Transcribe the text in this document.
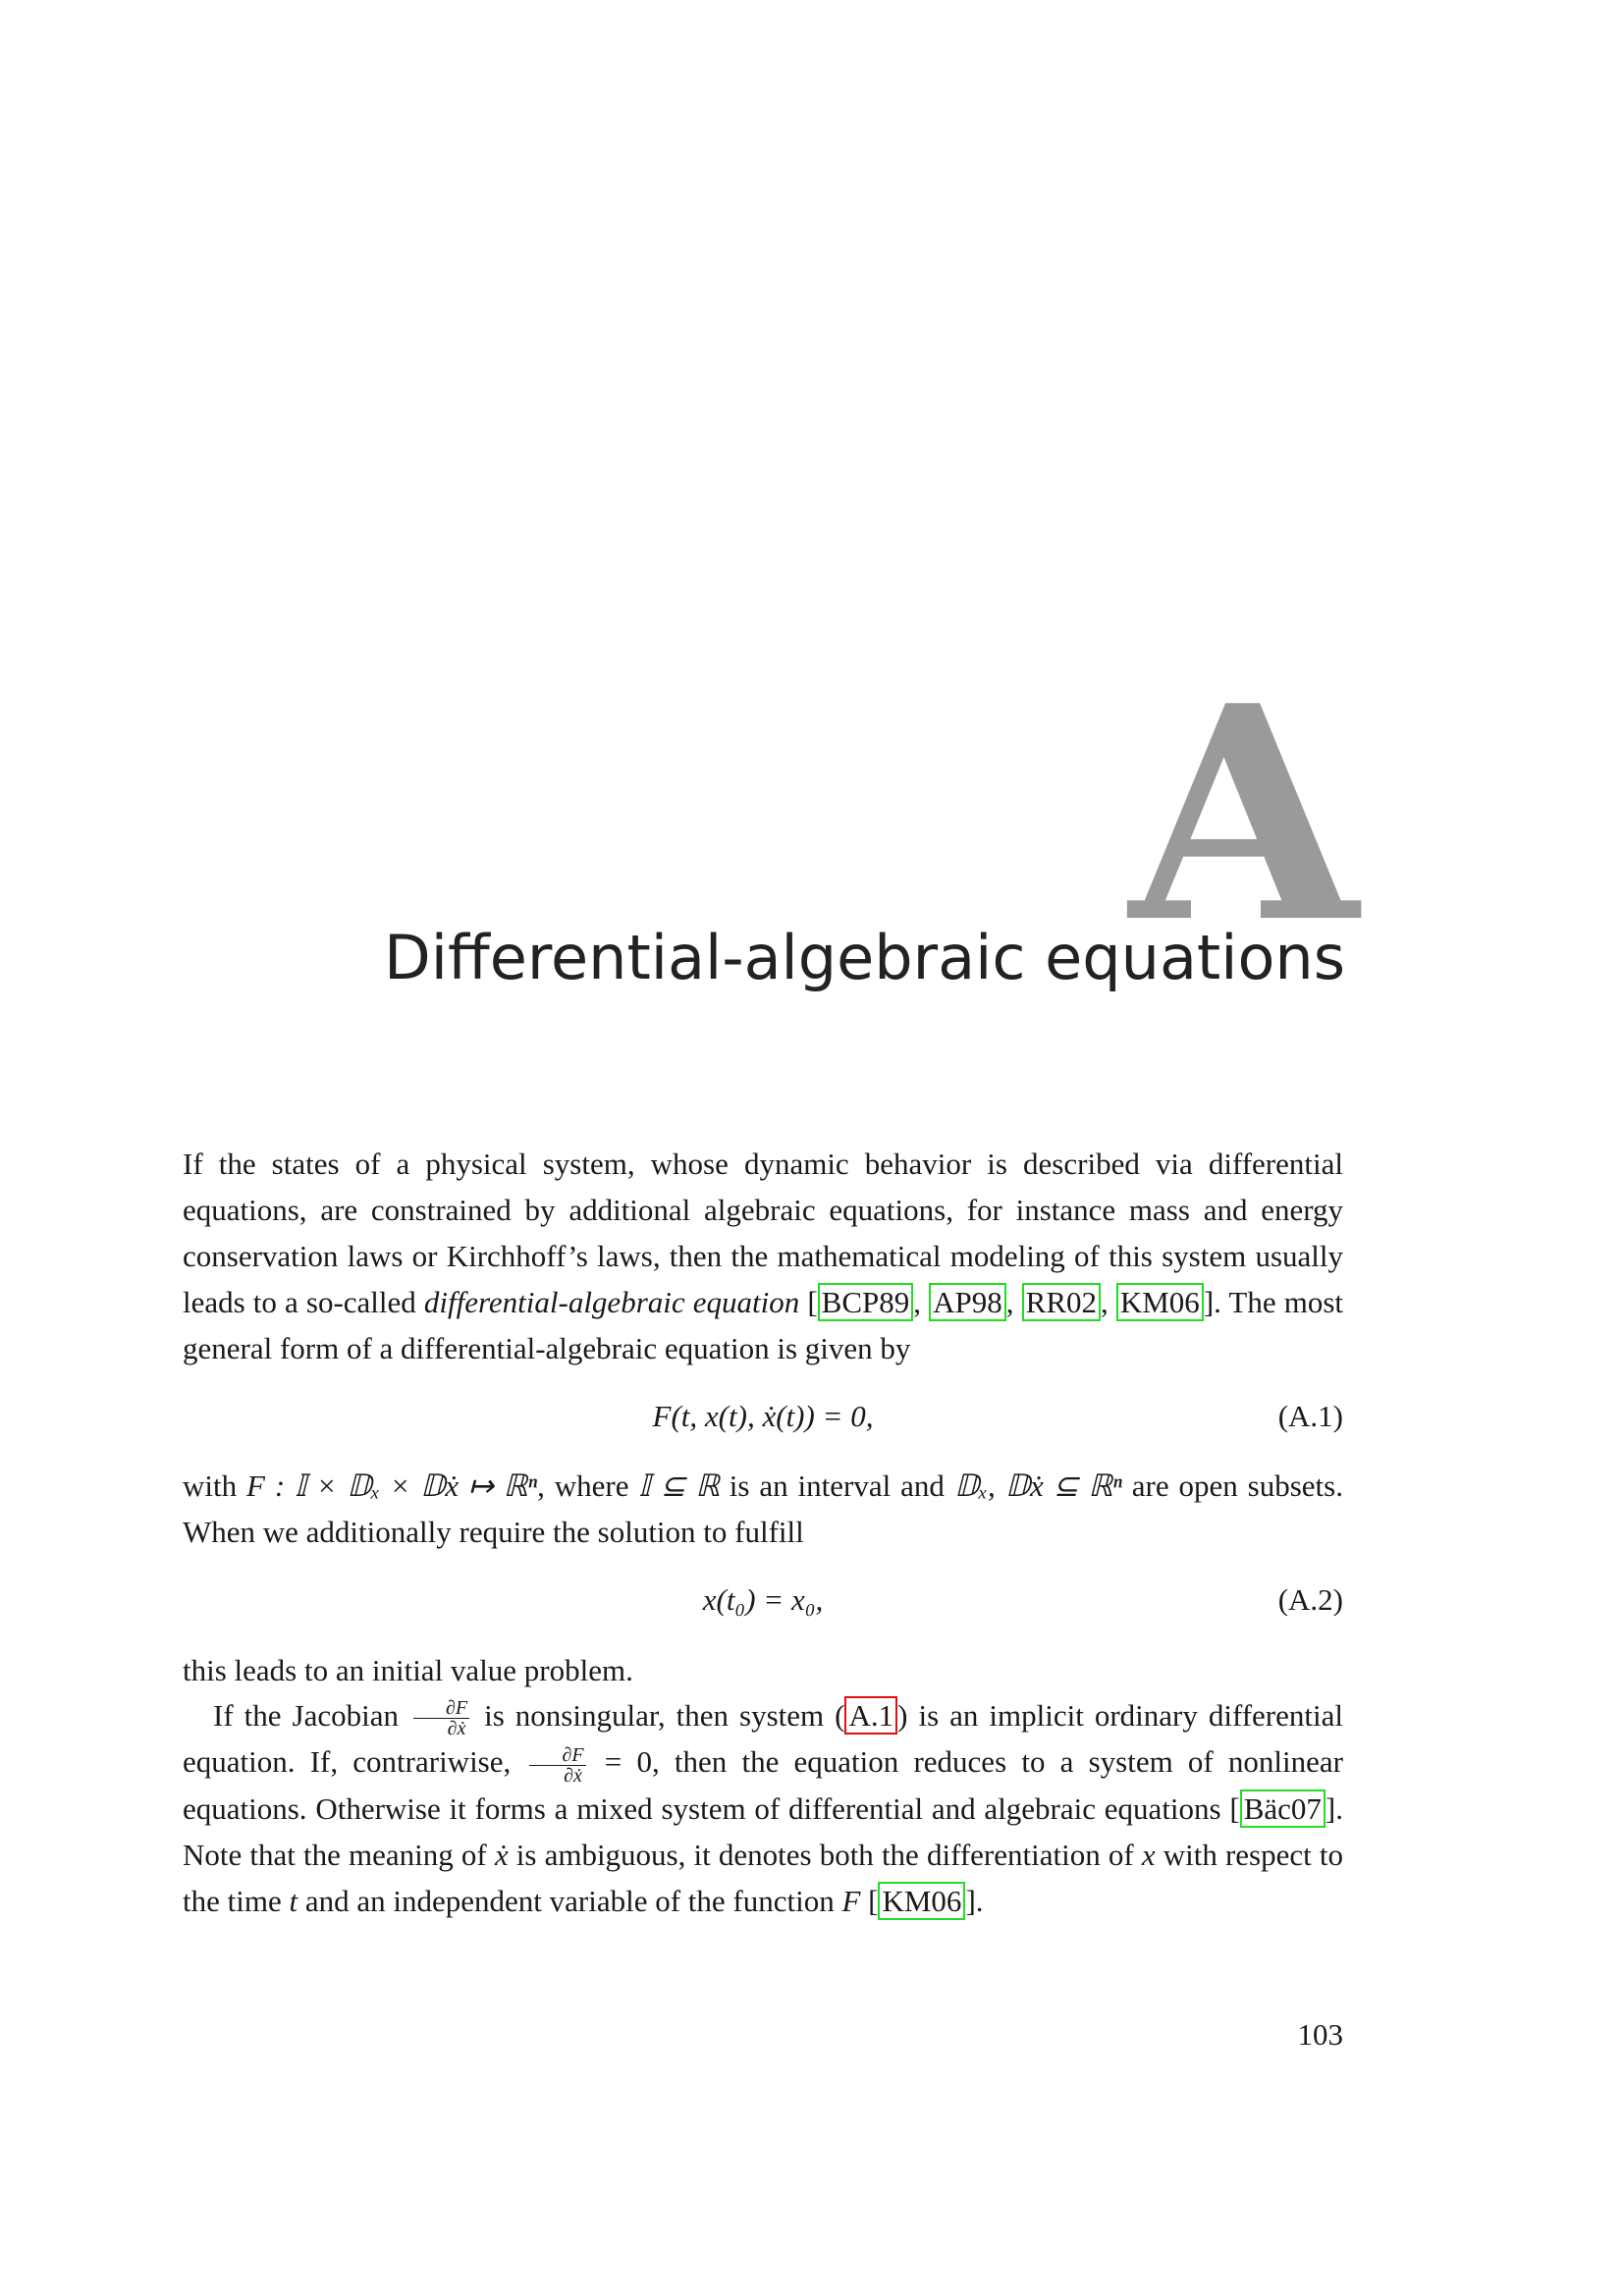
A
Differential-algebraic equations

If the states of a physical system, whose dynamic behavior is described via differential equations, are constrained by additional algebraic equations, for instance mass and energy conservation laws or Kirchhoff’s laws, then the mathematical modeling of this system usually leads to a so-called differential-algebraic equation [ BCP89 , AP98 , RR02 , KM06 ]. The most general form of a differential-algebraic equation is given by

F(t, x(t), ẋ(t)) = 0,	(A.1)

with F : 𝕀 × 𝔻ₓ × 𝔻ẋ ↦ ℝⁿ, where 𝕀 ⊆ ℝ is an interval and 𝔻ₓ, 𝔻ẋ ⊆ ℝⁿ are open subsets. When we additionally require the solution to fulfill

x(t₀) = x₀,	(A.2)

this leads to an initial value problem.

If the Jacobian $\frac{\partial F}{\text{∂ẋ}}$ is nonsingular, then system ( A.1 ) is an implicit ordinary differential equation. If, contrariwise, $\frac{\partial F}{\text{∂ẋ}} = 0$, then the equation reduces to a system of nonlinear equations. Otherwise it forms a mixed system of differential and algebraic equations [ Bäc07 ]. Note that the meaning of ẋ is ambiguous, it denotes both the differentiation of x with respect to the time t and an independent variable of the function F [ KM06 ].

103
